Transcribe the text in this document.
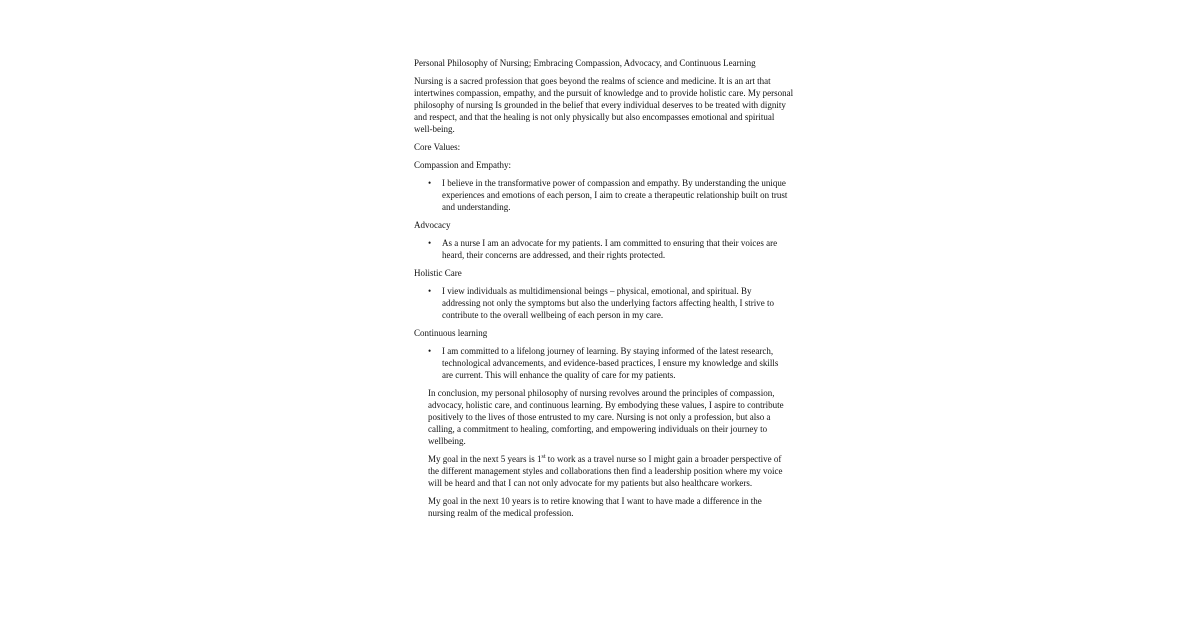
Personal Philosophy of Nursing; Embracing Compassion, Advocacy, and Continuous Learning
Nursing is a sacred profession that goes beyond the realms of science and medicine. It is an art that intertwines compassion, empathy, and the pursuit of knowledge and to provide holistic care. My personal philosophy of nursing Is grounded in the belief that every individual deserves to be treated with dignity and respect, and that the healing is not only physically but also encompasses emotional and spiritual well-being.
Core Values:
Compassion and Empathy:
• I believe in the transformative power of compassion and empathy. By understanding the unique experiences and emotions of each person, I aim to create a therapeutic relationship built on trust and understanding.
Advocacy
• As a nurse I am an advocate for my patients. I am committed to ensuring that their voices are heard, their concerns are addressed, and their rights protected.
Holistic Care
• I view individuals as multidimensional beings – physical, emotional, and spiritual. By addressing not only the symptoms but also the underlying factors affecting health, I strive to contribute to the overall wellbeing of each person in my care.
Continuous learning
• I am committed to a lifelong journey of learning. By staying informed of the latest research, technological advancements, and evidence-based practices, I ensure my knowledge and skills are current. This will enhance the quality of care for my patients.
In conclusion, my personal philosophy of nursing revolves around the principles of compassion, advocacy, holistic care, and continuous learning. By embodying these values, I aspire to contribute positively to the lives of those entrusted to my care. Nursing is not only a profession, but also a calling, a commitment to healing, comforting, and empowering individuals on their journey to wellbeing.
My goal in the next 5 years is 1st to work as a travel nurse so I might gain a broader perspective of the different management styles and collaborations then find a leadership position where my voice will be heard and that I can not only advocate for my patients but also healthcare workers.
My goal in the next 10 years is to retire knowing that I want to have made a difference in the nursing realm of the medical profession.
